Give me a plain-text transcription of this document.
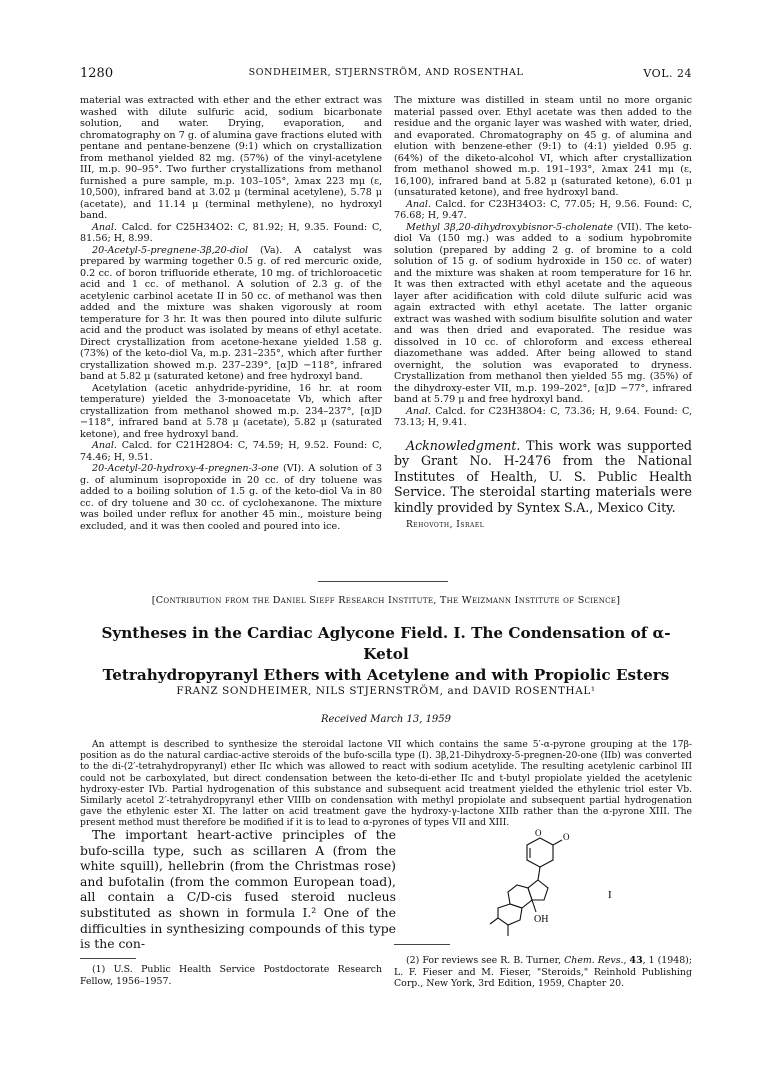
1280	SONDHEIMER, STJERNSTRÖM, AND ROSENTHAL	VOL. 24

material was extracted with ether and the ether extract was washed with dilute sulfuric acid, sodium bicarbonate solution, and water. Drying, evaporation, and chromatography on 7 g. of alumina gave fractions eluted with pentane and pentane-benzene (9:1) which on crystallization from methanol yielded 82 mg. (57%) of the vinyl-acetylene III, m.p. 90–95°. Two further crystallizations from methanol furnished a pure sample, m.p. 103–105°, λmax 223 mμ (ε, 10,500), infrared band at 3.02 μ (terminal acetylene), 5.78 μ (acetate), and 11.14 μ (terminal methylene), no hydroxyl band.

Anal. Calcd. for C25H34O2: C, 81.92; H, 9.35. Found: C, 81.56; H, 8.99.

20-Acetyl-5-pregnene-3β,20-diol (Va). A catalyst was prepared by warming together 0.5 g. of red mercuric oxide, 0.2 cc. of boron trifluoride etherate, 10 mg. of trichloroacetic acid and 1 cc. of methanol. A solution of 2.3 g. of the acetylenic carbinol acetate II in 50 cc. of methanol was then added and the mixture was shaken vigorously at room temperature for 3 hr. It was then poured into dilute sulfuric acid and the product was isolated by means of ethyl acetate. Direct crystallization from acetone-hexane yielded 1.58 g. (73%) of the keto-diol Va, m.p. 231–235°, which after further crystallization showed m.p. 237–239°, [α]D −118°, infrared band at 5.82 μ (saturated ketone) and free hydroxyl band.

Acetylation (acetic anhydride-pyridine, 16 hr. at room temperature) yielded the 3-monoacetate Vb, which after crystallization from methanol showed m.p. 234–237°, [α]D −118°, infrared band at 5.78 μ (acetate), 5.82 μ (saturated ketone), and free hydroxyl band.

Anal. Calcd. for C21H28O4: C, 74.59; H, 9.52. Found: C, 74.46; H, 9.51.

20-Acetyl-20-hydroxy-4-pregnen-3-one (VI). A solution of 3 g. of aluminum isopropoxide in 20 cc. of dry toluene was added to a boiling solution of 1.5 g. of the keto-diol Va in 80 cc. of dry toluene and 30 cc. of cyclohexanone. The mixture was boiled under reflux for another 45 min., moisture being excluded, and it was then cooled and poured into ice.

The mixture was distilled in steam until no more organic material passed over. Ethyl acetate was then added to the residue and the organic layer was washed with water, dried, and evaporated. Chromatography on 45 g. of alumina and elution with benzene-ether (9:1) to (4:1) yielded 0.95 g. (64%) of the diketo-alcohol VI, which after crystallization from methanol showed m.p. 191–193°, λmax 241 mμ (ε, 16,100), infrared band at 5.82 μ (saturated ketone), 6.01 μ (unsaturated ketone), and free hydroxyl band.

Anal. Calcd. for C23H34O3: C, 77.05; H, 9.56. Found: C, 76.68; H, 9.47.

Methyl 3β,20-dihydroxybisnor-5-cholenate (VII). The keto-diol Va (150 mg.) was added to a sodium hypobromite solution (prepared by adding 2 g. of bromine to a cold solution of 15 g. of sodium hydroxide in 150 cc. of water) and the mixture was shaken at room temperature for 16 hr. It was then extracted with ethyl acetate and the aqueous layer after acidification with cold dilute sulfuric acid was again extracted with ethyl acetate. The latter organic extract was washed with sodium bisulfite solution and water and was then dried and evaporated. The residue was dissolved in 10 cc. of chloroform and excess ethereal diazomethane was added. After being allowed to stand overnight, the solution was evaporated to dryness. Crystallization from methanol then yielded 55 mg. (35%) of the dihydroxy-ester VII, m.p. 199–202°, [α]D −77°, infrared band at 5.79 μ and free hydroxyl band.

Anal. Calcd. for C23H38O4: C, 73.36; H, 9.64. Found: C, 73.13; H, 9.41.

Acknowledgment. This work was supported by Grant No. H-2476 from the National Institutes of Health, U. S. Public Health Service. The steroidal starting materials were kindly provided by Syntex S.A., Mexico City.

Rehovoth, Israel

[Contribution from the Daniel Sieff Research Institute, The Weizmann Institute of Science]
Syntheses in the Cardiac Aglycone Field. I. The Condensation of α-Ketol
Tetrahydropyranyl Ethers with Acetylene and with Propiolic Esters
FRANZ SONDHEIMER, NILS STJERNSTRÖM, and DAVID ROSENTHAL¹
Received March 13, 1959

An attempt is described to synthesize the steroidal lactone VII which contains the same 5′-α-pyrone grouping at the 17β-position as do the natural cardiac-active steroids of the bufo-scilla type (I). 3β,21-Dihydroxy-5-pregnen-20-one (IIb) was converted to the di-(2′-tetrahydropyranyl) ether IIc which was allowed to react with sodium acetylide. The resulting acetylenic carbinol III could not be carboxylated, but direct condensation between the keto-di-ether IIc and t-butyl propiolate yielded the acetylenic hydroxy-ester IVb. Partial hydrogenation of this substance and subsequent acid treatment yielded the ethylenic triol ester Vb. Similarly acetol 2′-tetrahydropyranyl ether VIIIb on condensation with methyl propiolate and subsequent partial hydrogenation gave the ethylenic ester XI. The latter on acid treatment gave the hydroxy-γ-lactone XIIb rather than the α-pyrone XIII. The present method must therefore be modified if it is to lead to α-pyrones of types VII and XIII.

The important heart-active principles of the bufo-scilla type, such as scillaren A (from the white squill), hellebrin (from the Christmas rose) and bufotalin (from the common European toad), all contain a C/D-cis fused steroid nucleus substituted as shown in formula I.² One of the difficulties in synthesizing compounds of this type is the con-

O O
OH
I

(1) U.S. Public Health Service Postdoctorate Research Fellow, 1956–1957.

(2) For reviews see R. B. Turner, Chem. Revs., 43, 1 (1948); L. F. Fieser and M. Fieser, "Steroids," Reinhold Publishing Corp., New York, 3rd Edition, 1959, Chapter 20.
